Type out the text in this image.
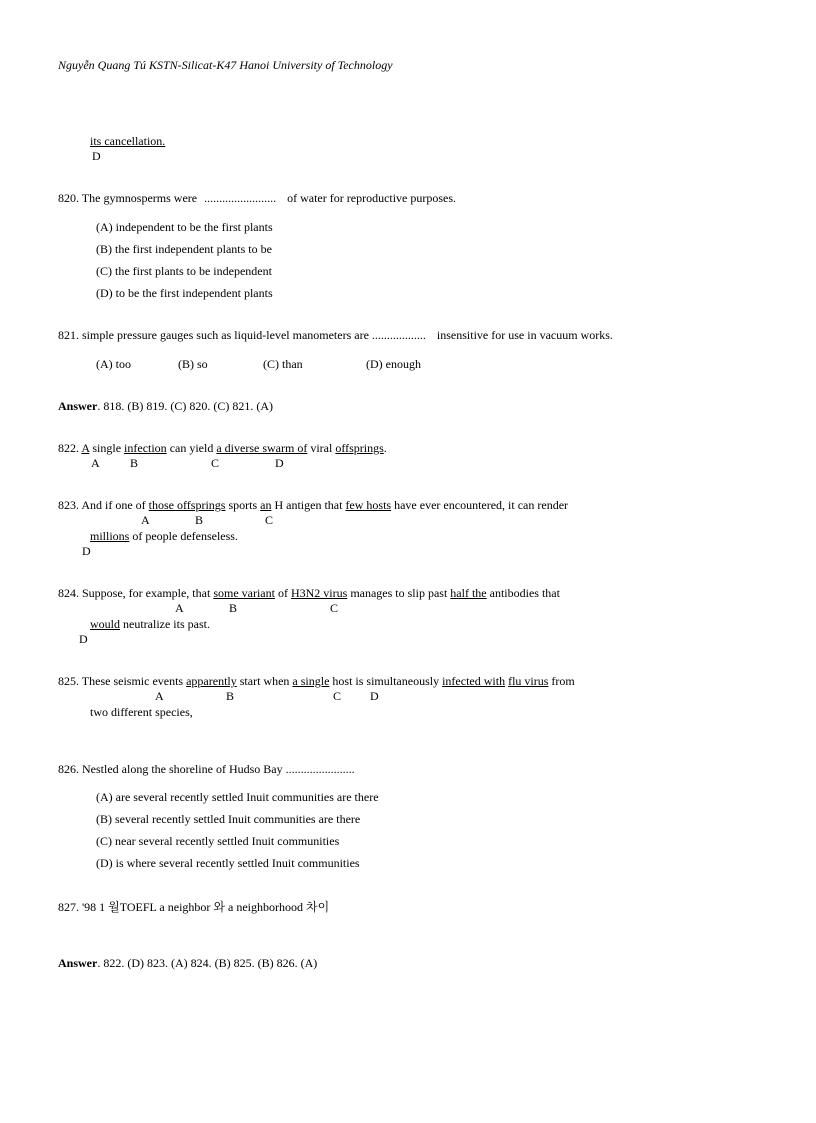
Nguyễn Quang Tú KSTN-Silicat-K47 Hanoi University of Technology
its cancellation.
D
820. The gymnosperms were ........................ of water for reproductive purposes.
(A) independent to be the first plants
(B) the first independent plants to be
(C) the first plants to be independent
(D) to be the first independent plants
821. simple pressure gauges such as liquid-level manometers are .................. insensitive for use in vacuum works.
(A) too	(B) so	(C) than	(D) enough
Answer. 818. (B) 819. (C) 820. (C) 821. (A)
822. A single infection can yield a diverse swarm of viral offsprings.
A	B	C	D
823. And if one of those offsprings sports an H antigen that few hosts have ever encountered, it can render
A	B	C
millions of people defenseless.
D
824. Suppose, for example, that some variant of H3N2 virus manages to slip past half the antibodies that
A	B	C
would neutralize its past.
D
825. These seismic events apparently start when a single host is simultaneously infected with flu virus from
A	B	C D
two different species,
826. Nestled along the shoreline of Hudso Bay .......................
(A) are several recently settled Inuit communities are there
(B) several recently settled Inuit communities are there
(C) near several recently settled Inuit communities
(D) is where several recently settled Inuit communities
827. '98 1 월TOEFL a neighbor 와 a neighborhood 차이
Answer. 822. (D) 823. (A) 824. (B) 825. (B) 826. (A)
